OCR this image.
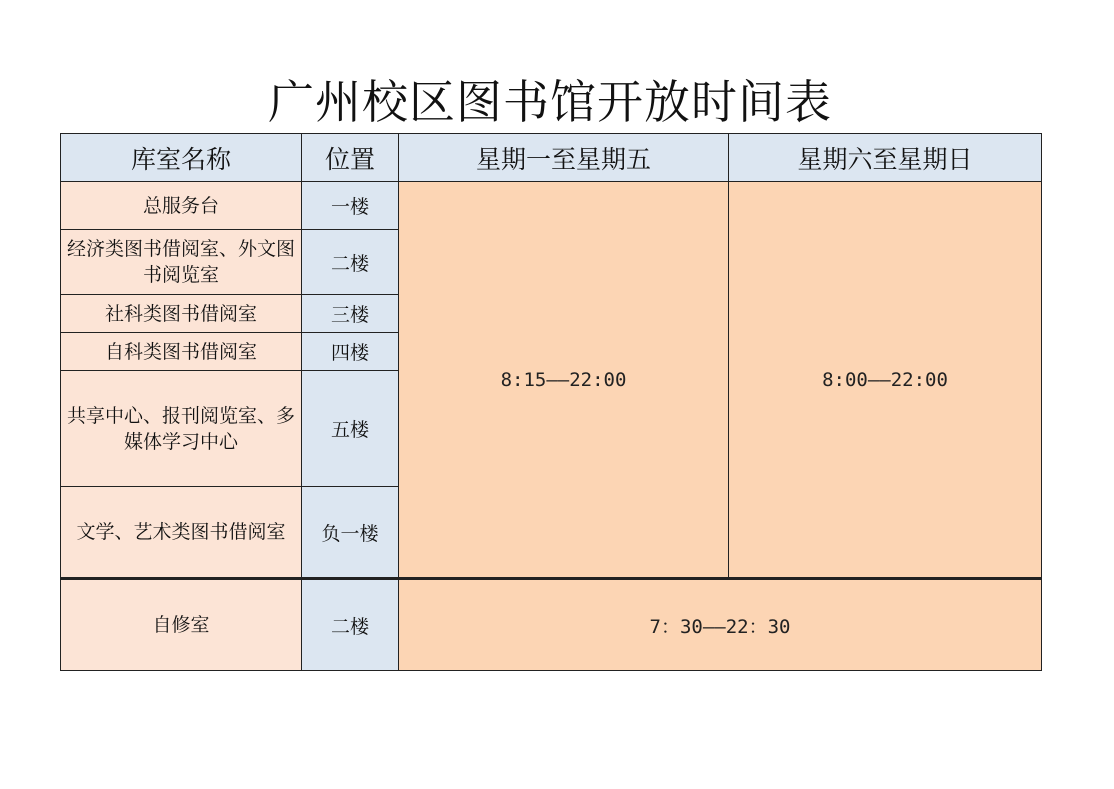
广州校区图书馆开放时间表
库室名称	位置	星期一至星期五	星期六至星期日
总服务台	一楼	8:15——22:00	8:00——22:00
经济类图书借阅室、外文图书阅览室	二楼		
社科类图书借阅室	三楼		
自科类图书借阅室	四楼		
共享中心、报刊阅览室、多媒体学习中心	五楼		
文学、艺术类图书借阅室	负一楼		
自修室	二楼	7：30——22：30	
